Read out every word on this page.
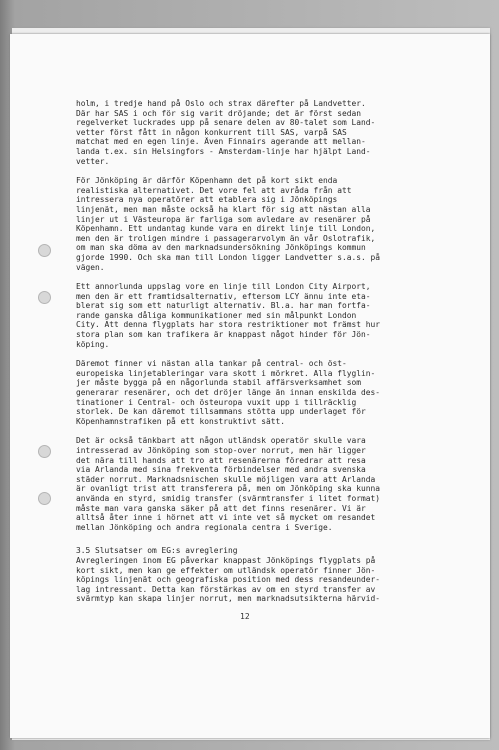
holm, i tredje hand på Oslo och strax därefter på Landvetter.
Där har SAS i och för sig varit dröjande; det är först sedan
regelverket luckrades upp på senare delen av 80-talet som Land-
vetter först fått in någon konkurrent till SAS, varpå SAS
matchat med en egen linje. Även Finnairs agerande att mellan-
landa t.ex. sin Helsingfors - Amsterdam-linje har hjälpt Land-
vetter.
För Jönköping är därför Köpenhamn det på kort sikt enda
realistiska alternativet. Det vore fel att avråda från att
intressera nya operatörer att etablera sig i Jönköpings
linjenät, men man måste också ha klart för sig att nästan alla
linjer ut i Västeuropa är farliga som avledare av resenärer på
Köpenhamn. Ett undantag kunde vara en direkt linje till London,
men den är troligen mindre i passagerarvolym än vår Oslotrafik,
om man ska döma av den marknadsundersökning Jönköpings kommun
gjorde 1990. Och ska man till London ligger Landvetter s.a.s. på
vägen.
Ett annorlunda uppslag vore en linje till London City Airport,
men den är ett framtidsalternativ, eftersom LCY ännu inte eta-
blerat sig som ett naturligt alternativ. Bl.a. har man fortfa-
rande ganska dåliga kommunikationer med sin målpunkt London
City. Att denna flygplats har stora restriktioner mot främst hur
stora plan som kan trafikera är knappast något hinder för Jön-
köping.
Däremot finner vi nästan alla tankar på central- och öst-
europeiska linjetableringar vara skott i mörkret. Alla flyglin-
jer måste bygga på en någorlunda stabil affärsverksamhet som
generarar resenärer, och det dröjer länge än innan enskilda des-
tinationer i Central- och östeuropa vuxit upp i tillräcklig
storlek. De kan däremot tillsammans stötta upp underlaget för
Köpenhamnstrafiken på ett konstruktivt sätt.
Det är också tänkbart att någon utländsk operatör skulle vara
intresserad av Jönköping som stop-over norrut, men här ligger
det nära till hands att tro att resenärerna föredrar att resa
via Arlanda med sina frekventa förbindelser med andra svenska
städer norrut. Marknadsnischen skulle möjligen vara att Arlanda
är ovanligt trist att transferera på, men om Jönköping ska kunna
använda en styrd, smidig transfer (svärmtransfer i litet format)
måste man vara ganska säker på att det finns resenärer. Vi är
alltså åter inne i hörnet att vi inte vet så mycket om resandet
mellan Jönköping och andra regionala centra i Sverige.
3.5 Slutsatser om EG:s avreglering
Avregleringen inom EG påverkar knappast Jönköpings flygplats på
kort sikt, men kan ge effekter om utländsk operatör finner Jön-
köpings linjenät och geografiska position med dess resandeunder-
lag intressant. Detta kan förstärkas av om en styrd transfer av
svärmtyp kan skapa linjer norrut, men marknadsutsikterna härvid-
12
